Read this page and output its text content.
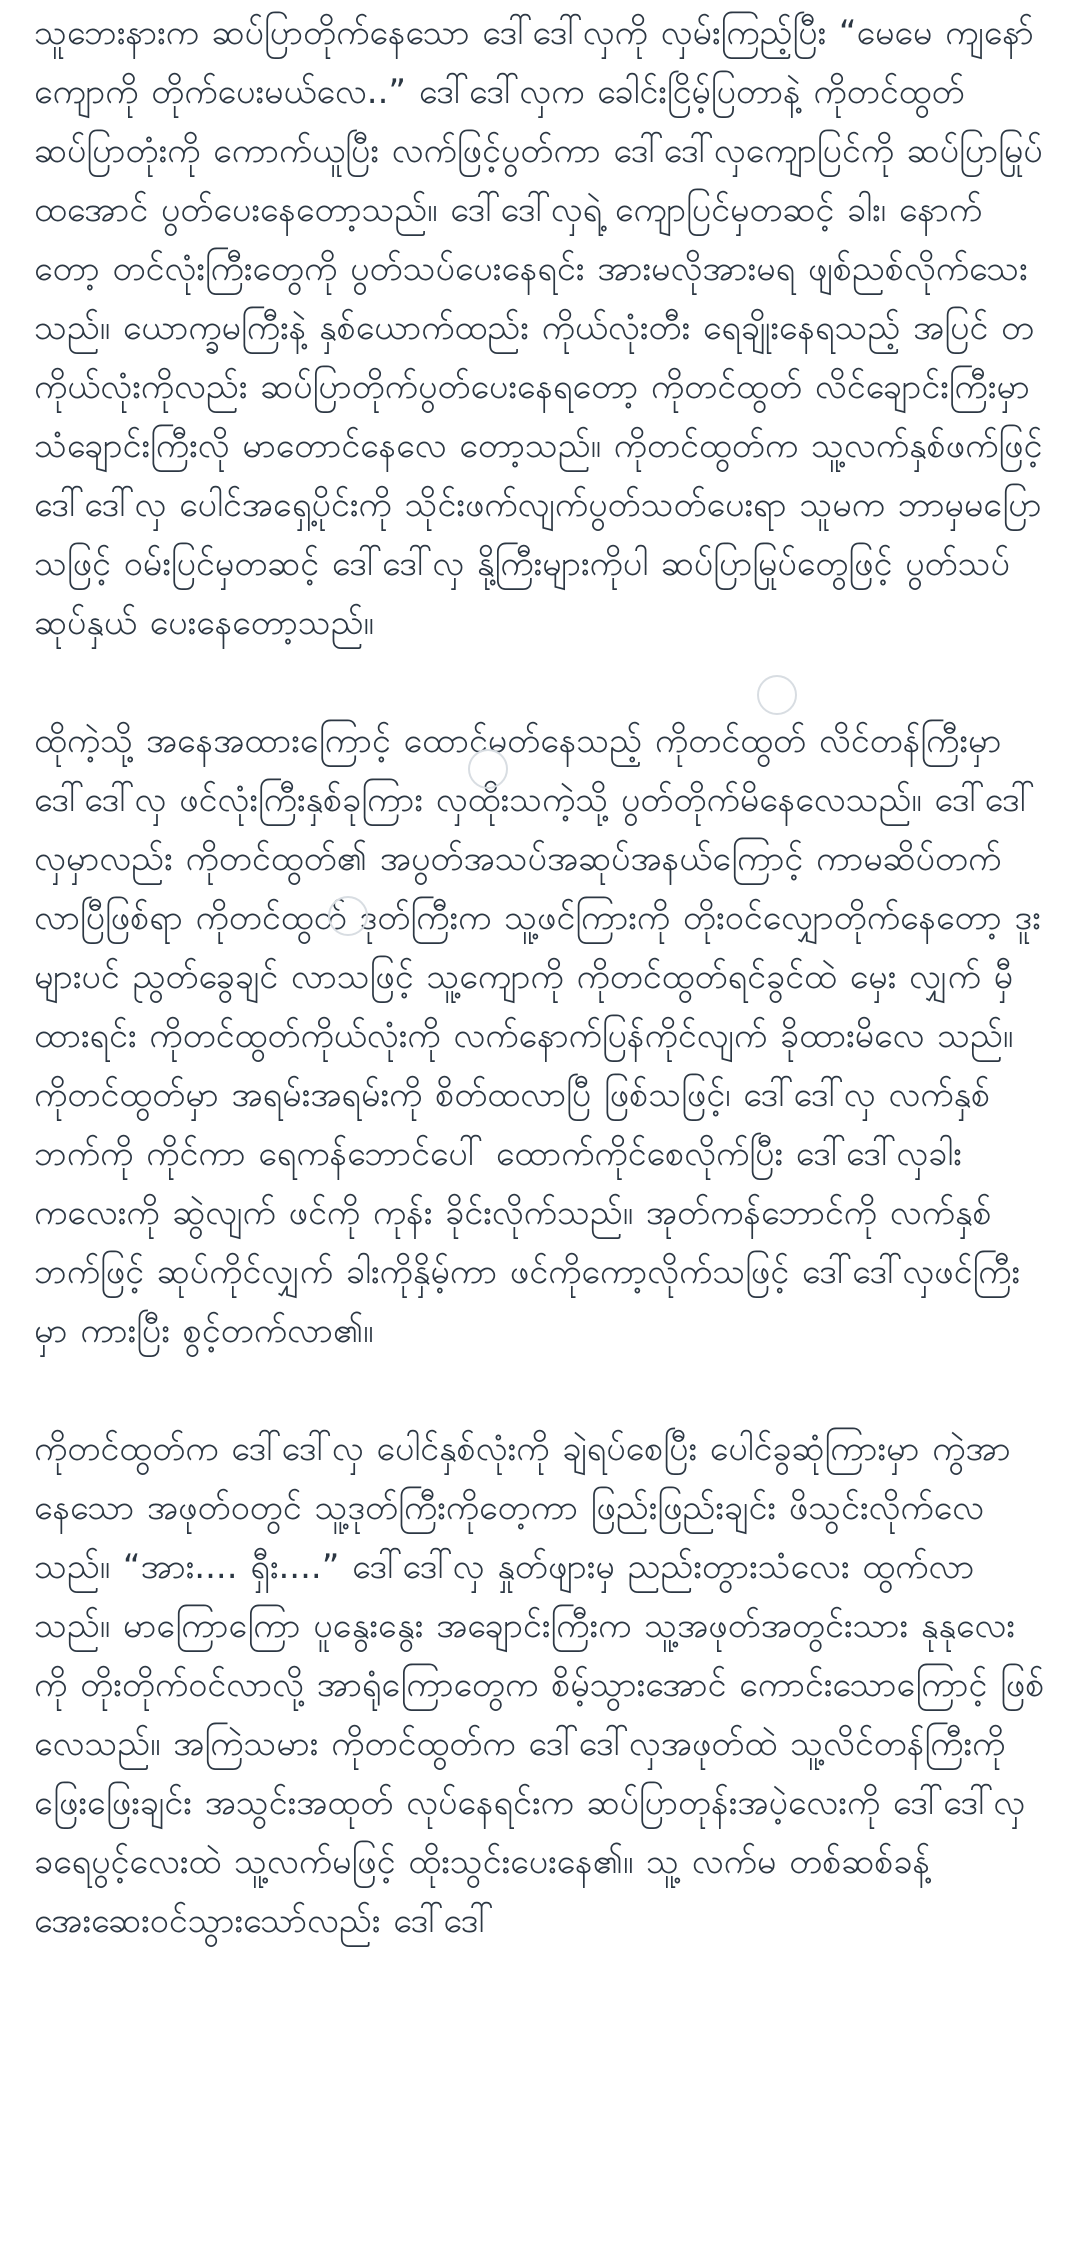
သူဘေးနားက ဆပ်ပြာတိုက်နေသော ဒေါ်ဒေါ်လှကို လှမ်းကြည့်ပြီး “မေမေ ကျနော် ကျောကို တိုက်ပေးမယ်လေ..” ဒေါ်ဒေါ်လှက ခေါင်းငြိမ့်ပြတာနဲ့ ကိုတင်ထွတ် ဆပ်ပြာတုံးကို ကောက်ယူပြီး လက်ဖြင့်ပွတ်ကာ ဒေါ်ဒေါ်လှကျောပြင်ကို ဆပ်ပြာမြုပ်ထအောင် ပွတ်ပေးနေတော့သည်။ ဒေါ်ဒေါ်လှရဲ့ ကျောပြင်မှတဆင့် ခါး၊ နောက်တော့ တင်လုံးကြီးတွေကို ပွတ်သပ်ပေးနေရင်း အားမလိုအားမရ ဖျစ်ညစ်လိုက်သေးသည်။ ယောက္ခမကြီးနဲ့ နှစ်ယောက်ထည်း ကိုယ်လုံးတီး ရေချိုးနေရသည့် အပြင် တကိုယ်လုံးကိုလည်း ဆပ်ပြာတိုက်ပွတ်ပေးနေရတော့ ကိုတင်ထွတ် လိင်ချောင်းကြီးမှာ သံချောင်းကြီးလို မာတောင်နေလေ တော့သည်။ ကိုတင်ထွတ်က သူ့လက်နှစ်ဖက်ဖြင့် ဒေါ်ဒေါ်လှ ပေါင်အရှေ့ပိုင်းကို သိုင်းဖက်လျက်ပွတ်သတ်ပေးရာ သူမက ဘာမှမပြော သဖြင့် ဝမ်းပြင်မှတဆင့် ဒေါ်ဒေါ်လှ နို့ကြီးများကိုပါ ဆပ်ပြာမြုပ်တွေဖြင့် ပွတ်သပ်ဆုပ်နှယ် ပေးနေတော့သည်။

ထိုကဲ့သို့ အနေအထားကြောင့် ထောင်မတ်နေသည့် ကိုတင်ထွတ် လိင်တန်ကြီးမှာ ဒေါ်ဒေါ်လှ ဖင်လုံးကြီးနှစ်ခုကြား လှထိုးသကဲ့သို့ ပွတ်တိုက်မိနေလေသည်။ ဒေါ်ဒေါ်လှမှာလည်း ကိုတင်ထွတ်၏ အပွတ်အသပ်အဆုပ်အနယ်ကြောင့် ကာမဆိပ်တက်လာပြီဖြစ်ရာ ကိုတင်ထွတ် ဒုတ်ကြီးက သူ့ဖင်ကြားကို တိုးဝင်လျှောတိုက်နေတော့ ဒူးများပင် ညွတ်ခွေချင် လာသဖြင့် သူ့ကျောကို ကိုတင်ထွတ်ရင်ခွင်ထဲ မှေး လျှက် မှီထားရင်း ကိုတင်ထွတ်ကိုယ်လုံးကို လက်နောက်ပြန်ကိုင်လျက် ခိုထားမိလေ သည်။ ကိုတင်ထွတ်မှာ အရမ်းအရမ်းကို စိတ်ထလာပြီ ဖြစ်သဖြင့်၊ ဒေါ်ဒေါ်လှ လက်နှစ်ဘက်ကို ကိုင်ကာ ရေကန်ဘောင်ပေါ် ထောက်ကိုင်စေလိုက်ပြီး ဒေါ်ဒေါ်လှခါးကလေးကို ဆွဲလျက် ဖင်ကို ကုန်း ခိုင်းလိုက်သည်။ အုတ်ကန်ဘောင်ကို လက်နှစ်ဘက်ဖြင့် ဆုပ်ကိုင်လျှက် ခါးကိုနှိမ့်ကာ ဖင်ကိုကော့လိုက်သဖြင့် ဒေါ်ဒေါ်လှဖင်ကြီးမှာ ကားပြီး စွင့်တက်လာ၏။

ကိုတင်ထွတ်က ဒေါ်ဒေါ်လှ ပေါင်နှစ်လုံးကို ချဲရပ်စေပြီး ပေါင်ခွဆုံကြားမှာ ကွဲအာနေသော အဖုတ်ဝတွင် သူ့ဒုတ်ကြီးကိုတေ့ကာ ဖြည်းဖြည်းချင်း ဖိသွင်းလိုက်လေသည်။ “အား.... ရှီး....” ဒေါ်ဒေါ်လှ နှုတ်ဖျားမှ ညည်းတွားသံလေး ထွက်လာသည်။ မာကြောကြော ပူနွေးနွေး အချောင်းကြီးက သူ့အဖုတ်အတွင်းသား နုနုလေးကို တိုးတိုက်ဝင်လာလို့ အာရုံကြောတွေက စိမ့်သွားအောင် ကောင်းသောကြောင့် ဖြစ်လေသည်။ အကြဲသမား ကိုတင်ထွတ်က ဒေါ်ဒေါ်လှအဖုတ်ထဲ သူ့လိင်တန်ကြီးကို ဖြေးဖြေးချင်း အသွင်းအထုတ် လုပ်နေရင်းက ဆပ်ပြာတုန်းအပဲ့လေးကို ဒေါ်ဒေါ်လှ ခရေပွင့်လေးထဲ သူ့လက်မဖြင့် ထိုးသွင်းပေးနေ၏။ သူ့ လက်မ တစ်ဆစ်ခန့် အေးဆေးဝင်သွားသော်လည်း ဒေါ်ဒေါ်
